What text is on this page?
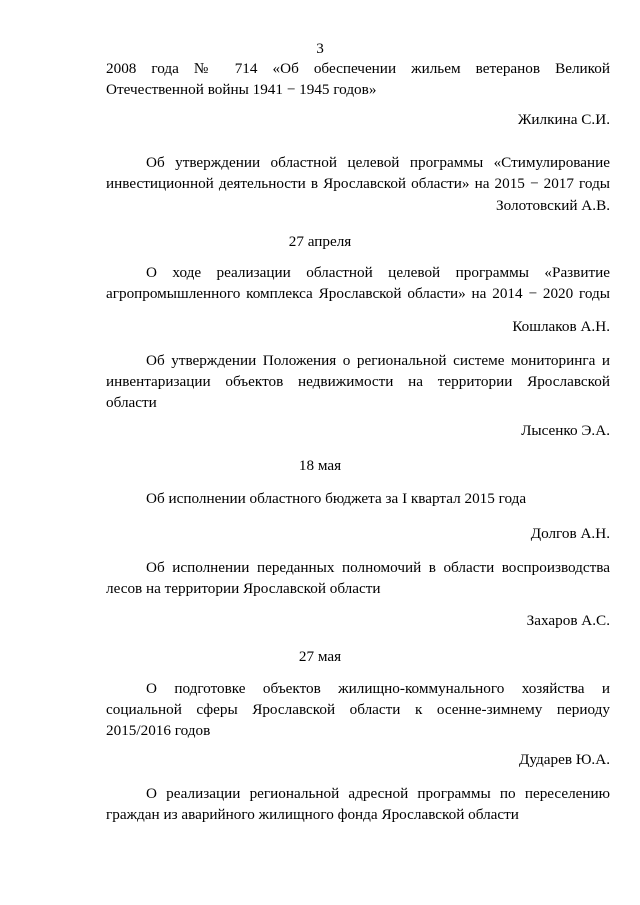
3
2008 года № 714 «Об обеспечении жильем ветеранов Великой
Отечественной войны 1941 − 1945 годов»
Жилкина С.И.
Об утверждении областной целевой программы «Стимулирование
инвестиционной деятельности в Ярославской области» на 2015 − 2017 годы
Золотовский А.В.
27 апреля
О ходе реализации областной целевой программы «Развитие
агропромышленного комплекса Ярославской области» на 2014 − 2020 годы
Кошлаков А.Н.
Об утверждении Положения о региональной системе мониторинга и
инвентаризации объектов недвижимости на территории Ярославской
области
Лысенко Э.А.
18 мая
Об исполнении областного бюджета за I квартал 2015 года
Долгов А.Н.
Об исполнении переданных полномочий в области воспроизводства
лесов на территории Ярославской области
Захаров А.С.
27 мая
О подготовке объектов жилищно-коммунального хозяйства и
социальной сферы Ярославской области к осенне-зимнему периоду
2015/2016 годов
Дударев Ю.А.
О реализации региональной адресной программы по переселению
граждан из аварийного жилищного фонда Ярославской области
